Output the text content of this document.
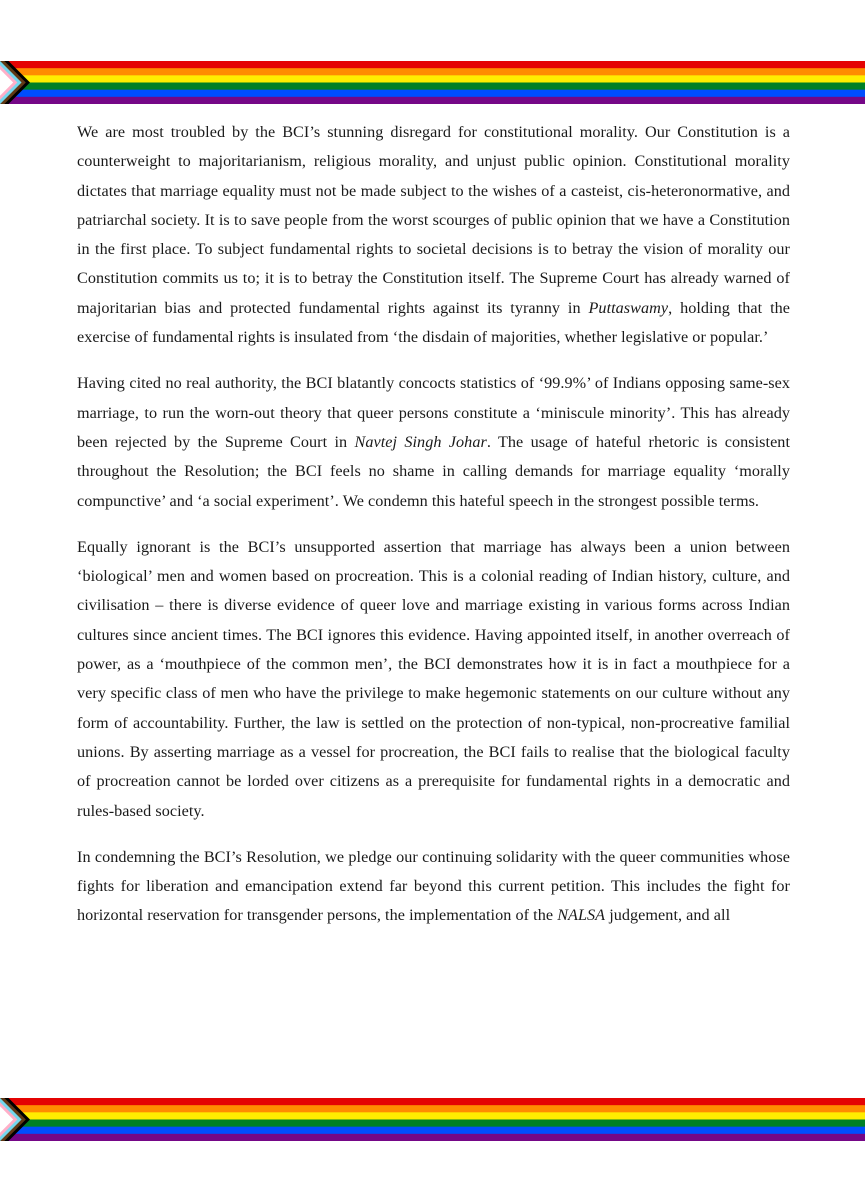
We are most troubled by the BCI’s stunning disregard for constitutional morality. Our Constitution is a counterweight to majoritarianism, religious morality, and unjust public opinion. Constitutional morality dictates that marriage equality must not be made subject to the wishes of a casteist, cis-heteronormative, and patriarchal society. It is to save people from the worst scourges of public opinion that we have a Constitution in the first place. To subject fundamental rights to societal decisions is to betray the vision of morality our Constitution commits us to; it is to betray the Constitution itself. The Supreme Court has already warned of majoritarian bias and protected fundamental rights against its tyranny in Puttaswamy, holding that the exercise of fundamental rights is insulated from ‘the disdain of majorities, whether legislative or popular.’

Having cited no real authority, the BCI blatantly concocts statistics of ‘99.9%’ of Indians opposing same-sex marriage, to run the worn-out theory that queer persons constitute a ‘miniscule minority’. This has already been rejected by the Supreme Court in Navtej Singh Johar. The usage of hateful rhetoric is consistent throughout the Resolution; the BCI feels no shame in calling demands for marriage equality ‘morally compunctive’ and ‘a social experiment’. We condemn this hateful speech in the strongest possible terms.

Equally ignorant is the BCI’s unsupported assertion that marriage has always been a union between ‘biological’ men and women based on procreation. This is a colonial reading of Indian history, culture, and civilisation – there is diverse evidence of queer love and marriage existing in various forms across Indian cultures since ancient times. The BCI ignores this evidence. Having appointed itself, in another overreach of power, as a ‘mouthpiece of the common men’, the BCI demonstrates how it is in fact a mouthpiece for a very specific class of men who have the privilege to make hegemonic statements on our culture without any form of accountability. Further, the law is settled on the protection of non-typical, non-procreative familial unions. By asserting marriage as a vessel for procreation, the BCI fails to realise that the biological faculty of procreation cannot be lorded over citizens as a prerequisite for fundamental rights in a democratic and rules-based society.

In condemning the BCI’s Resolution, we pledge our continuing solidarity with the queer communities whose fights for liberation and emancipation extend far beyond this current petition. This includes the fight for horizontal reservation for transgender persons, the implementation of the NALSA judgement, and all
